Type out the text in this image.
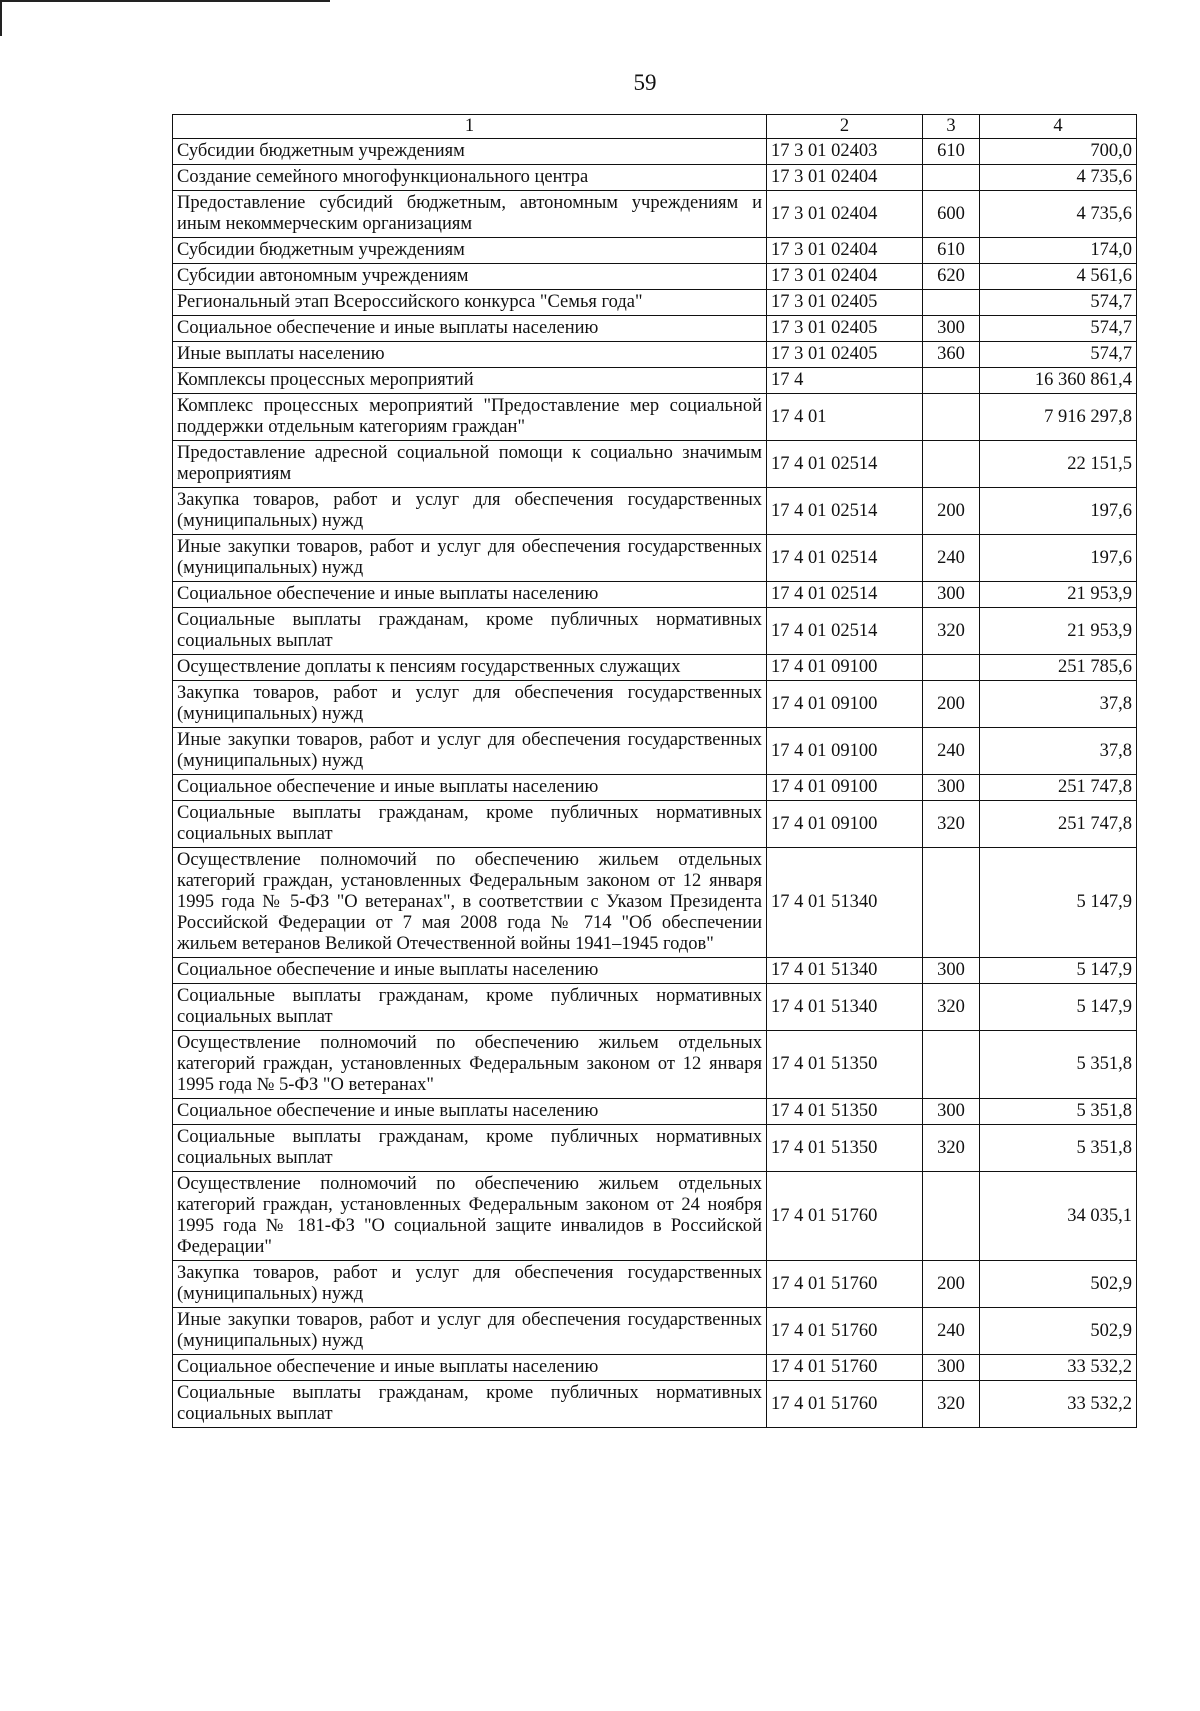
59
1	2	3	4
Субсидии бюджетным учреждениям	17 3 01 02403	610	700,0
Создание семейного многофункционального центра	17 3 01 02404		4 735,6
Предоставление субсидий бюджетным, автономным учреждениям и иным некоммерческим организациям	17 3 01 02404	600	4 735,6
Субсидии бюджетным учреждениям	17 3 01 02404	610	174,0
Субсидии автономным учреждениям	17 3 01 02404	620	4 561,6
Региональный этап Всероссийского конкурса "Семья года"	17 3 01 02405		574,7
Социальное обеспечение и иные выплаты населению	17 3 01 02405	300	574,7
Иные выплаты населению	17 3 01 02405	360	574,7
Комплексы процессных мероприятий	17 4		16 360 861,4
Комплекс процессных мероприятий "Предоставление мер социальной поддержки отдельным категориям граждан"	17 4 01		7 916 297,8
Предоставление адресной социальной помощи к социально значимым мероприятиям	17 4 01 02514		22 151,5
Закупка товаров, работ и услуг для обеспечения государственных (муниципальных) нужд	17 4 01 02514	200	197,6
Иные закупки товаров, работ и услуг для обеспечения государственных (муниципальных) нужд	17 4 01 02514	240	197,6
Социальное обеспечение и иные выплаты населению	17 4 01 02514	300	21 953,9
Социальные выплаты гражданам, кроме публичных нормативных социальных выплат	17 4 01 02514	320	21 953,9
Осуществление доплаты к пенсиям государственных служащих	17 4 01 09100		251 785,6
Закупка товаров, работ и услуг для обеспечения государственных (муниципальных) нужд	17 4 01 09100	200	37,8
Иные закупки товаров, работ и услуг для обеспечения государственных (муниципальных) нужд	17 4 01 09100	240	37,8
Социальное обеспечение и иные выплаты населению	17 4 01 09100	300	251 747,8
Социальные выплаты гражданам, кроме публичных нормативных социальных выплат	17 4 01 09100	320	251 747,8
Осуществление полномочий по обеспечению жильем отдельных категорий граждан, установленных Федеральным законом от 12 января 1995 года № 5-ФЗ "О ветеранах", в соответствии с Указом Президента Российской Федерации от 7 мая 2008 года № 714 "Об обеспечении жильем ветеранов Великой Отечественной войны 1941–1945 годов"	17 4 01 51340		5 147,9
Социальное обеспечение и иные выплаты населению	17 4 01 51340	300	5 147,9
Социальные выплаты гражданам, кроме публичных нормативных социальных выплат	17 4 01 51340	320	5 147,9
Осуществление полномочий по обеспечению жильем отдельных категорий граждан, установленных Федеральным законом от 12 января 1995 года № 5-ФЗ "О ветеранах"	17 4 01 51350		5 351,8
Социальное обеспечение и иные выплаты населению	17 4 01 51350	300	5 351,8
Социальные выплаты гражданам, кроме публичных нормативных социальных выплат	17 4 01 51350	320	5 351,8
Осуществление полномочий по обеспечению жильем отдельных категорий граждан, установленных Федеральным законом от 24 ноября 1995 года № 181-ФЗ "О социальной защите инвалидов в Российской Федерации"	17 4 01 51760		34 035,1
Закупка товаров, работ и услуг для обеспечения государственных (муниципальных) нужд	17 4 01 51760	200	502,9
Иные закупки товаров, работ и услуг для обеспечения государственных (муниципальных) нужд	17 4 01 51760	240	502,9
Социальное обеспечение и иные выплаты населению	17 4 01 51760	300	33 532,2
Социальные выплаты гражданам, кроме публичных нормативных социальных выплат	17 4 01 51760	320	33 532,2
